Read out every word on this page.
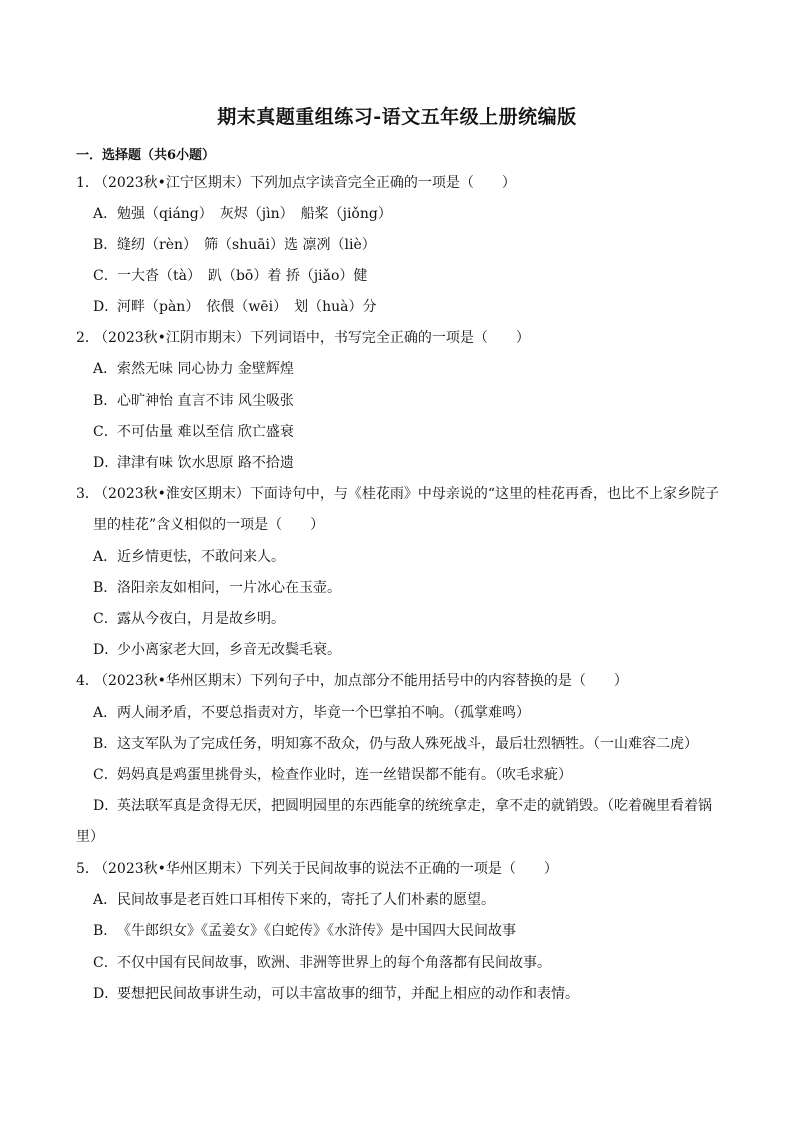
期末真题重组练习-语文五年级上册统编版
一．选择题（共6小题）
1．（2023秋•江宁区期末）下列加点字读音完全正确的一项是（　　）
A．勉强（qiáng）　灰烬（jìn）　船桨（jiǒng）
B．缝纫（rèn）　筛（shuāi）选 凛冽（liè）
C．一大沓（tà）　趴（bō）着 挢（jiǎo）健
D．河畔（pàn）　依偎（wēi）　划（huà）分
2．（2023秋•江阴市期末）下列词语中，书写完全正确的一项是（　　）
A．索然无味 同心协力 金壁辉煌
B．心旷神怡 直言不讳 风尘吸张
C．不可估量 难以至信 欣亡盛衰
D．津津有味 饮水思原 路不拾遗
3．（2023秋•淮安区期末）下面诗句中，与《桂花雨》中母亲说的“这里的桂花再香，也比不上家乡院子
里的桂花”含义相似的一项是（　　）
A．近乡情更怯，不敢问来人。
B．洛阳亲友如相问，一片冰心在玉壶。
C．露从今夜白，月是故乡明。
D．少小离家老大回，乡音无改鬓毛衰。
4．（2023秋•华州区期末）下列句子中，加点部分不能用括号中的内容替换的是（　　）
A．两人闹矛盾，不要总指责对方，毕竟一个巴掌拍不响。（孤掌难鸣）
B．这支军队为了完成任务，明知寡不敌众，仍与敌人殊死战斗，最后壮烈牺牲。（一山难容二虎）
C．妈妈真是鸡蛋里挑骨头，检查作业时，连一丝错误都不能有。（吹毛求疵）
D．英法联军真是贪得无厌，把圆明园里的东西能拿的统统拿走，拿不走的就销毁。（吃着碗里看着锅
里）
5．（2023秋•华州区期末）下列关于民间故事的说法不正确的一项是（　　）
A．民间故事是老百姓口耳相传下来的，寄托了人们朴素的愿望。
B．《牛郎织女》《孟姜女》《白蛇传》《水浒传》是中国四大民间故事
C．不仅中国有民间故事，欧洲、非洲等世界上的每个角落都有民间故事。
D．要想把民间故事讲生动，可以丰富故事的细节，并配上相应的动作和表情。
